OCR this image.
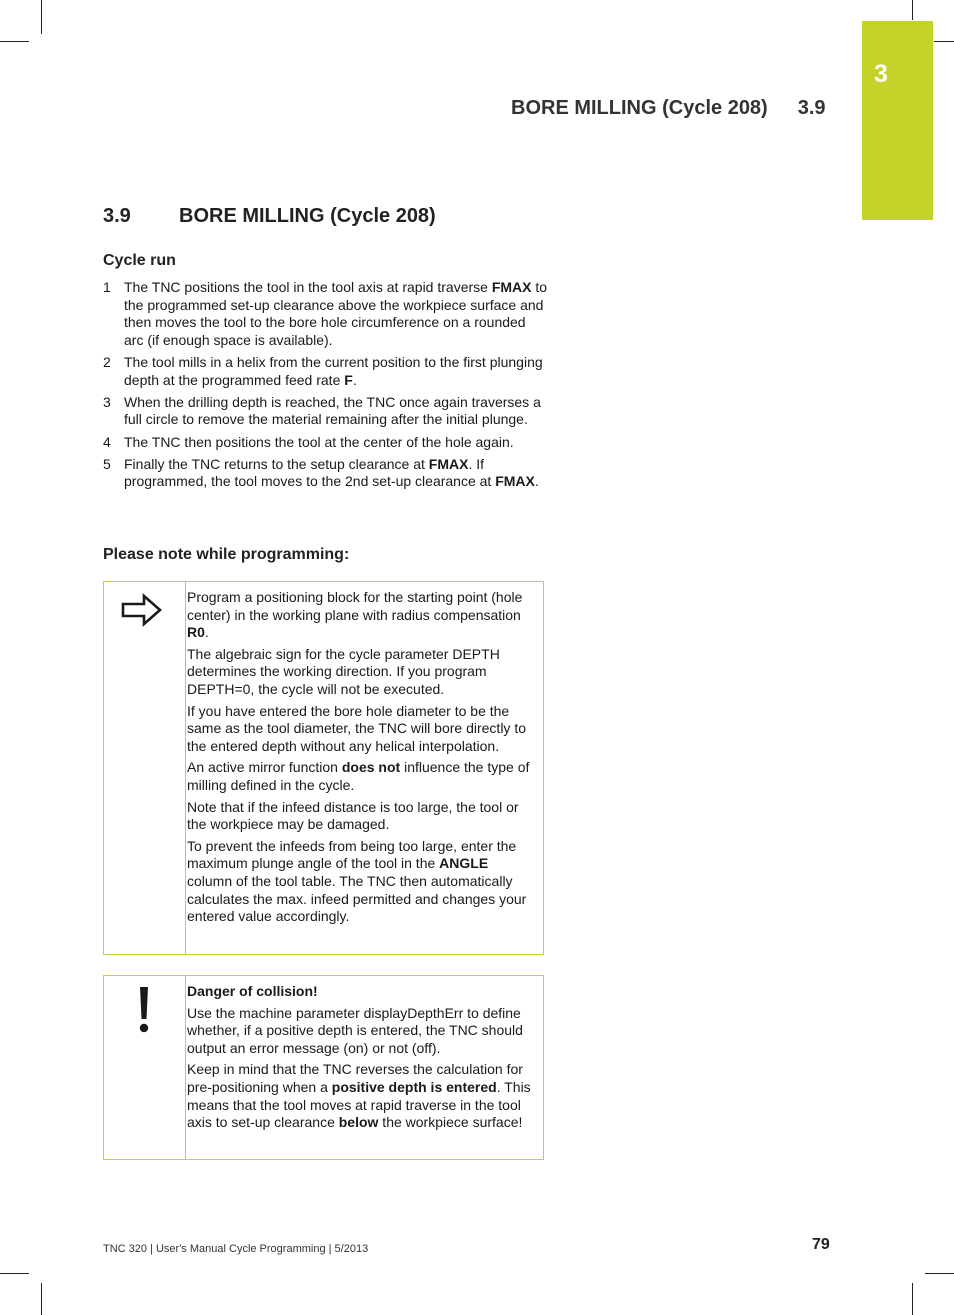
3
BORE MILLING (Cycle 208) 3.9
3.9 BORE MILLING (Cycle 208)
Cycle run
1 The TNC positions the tool in the tool axis at rapid traverse FMAX to the programmed set-up clearance above the workpiece surface and then moves the tool to the bore hole circumference on a rounded arc (if enough space is available).
2 The tool mills in a helix from the current position to the first plunging depth at the programmed feed rate F.
3 When the drilling depth is reached, the TNC once again traverses a full circle to remove the material remaining after the initial plunge.
4 The TNC then positions the tool at the center of the hole again.
5 Finally the TNC returns to the setup clearance at FMAX. If programmed, the tool moves to the 2nd set-up clearance at FMAX.
Please note while programming:

Program a positioning block for the starting point (hole center) in the working plane with radius compensation R0.

The algebraic sign for the cycle parameter DEPTH determines the working direction. If you program DEPTH=0, the cycle will not be executed.

If you have entered the bore hole diameter to be the same as the tool diameter, the TNC will bore directly to the entered depth without any helical interpolation.

An active mirror function does not influence the type of milling defined in the cycle.

Note that if the infeed distance is too large, the tool or the workpiece may be damaged.

To prevent the infeeds from being too large, enter the maximum plunge angle of the tool in the ANGLE column of the tool table. The TNC then automatically calculates the max. infeed permitted and changes your entered value accordingly.

Danger of collision!

Use the machine parameter displayDepthErr to define whether, if a positive depth is entered, the TNC should output an error message (on) or not (off).

Keep in mind that the TNC reverses the calculation for pre-positioning when a positive depth is entered. This means that the tool moves at rapid traverse in the tool axis to set-up clearance below the workpiece surface!

TNC 320 | User's Manual Cycle Programming | 5/2013	79
